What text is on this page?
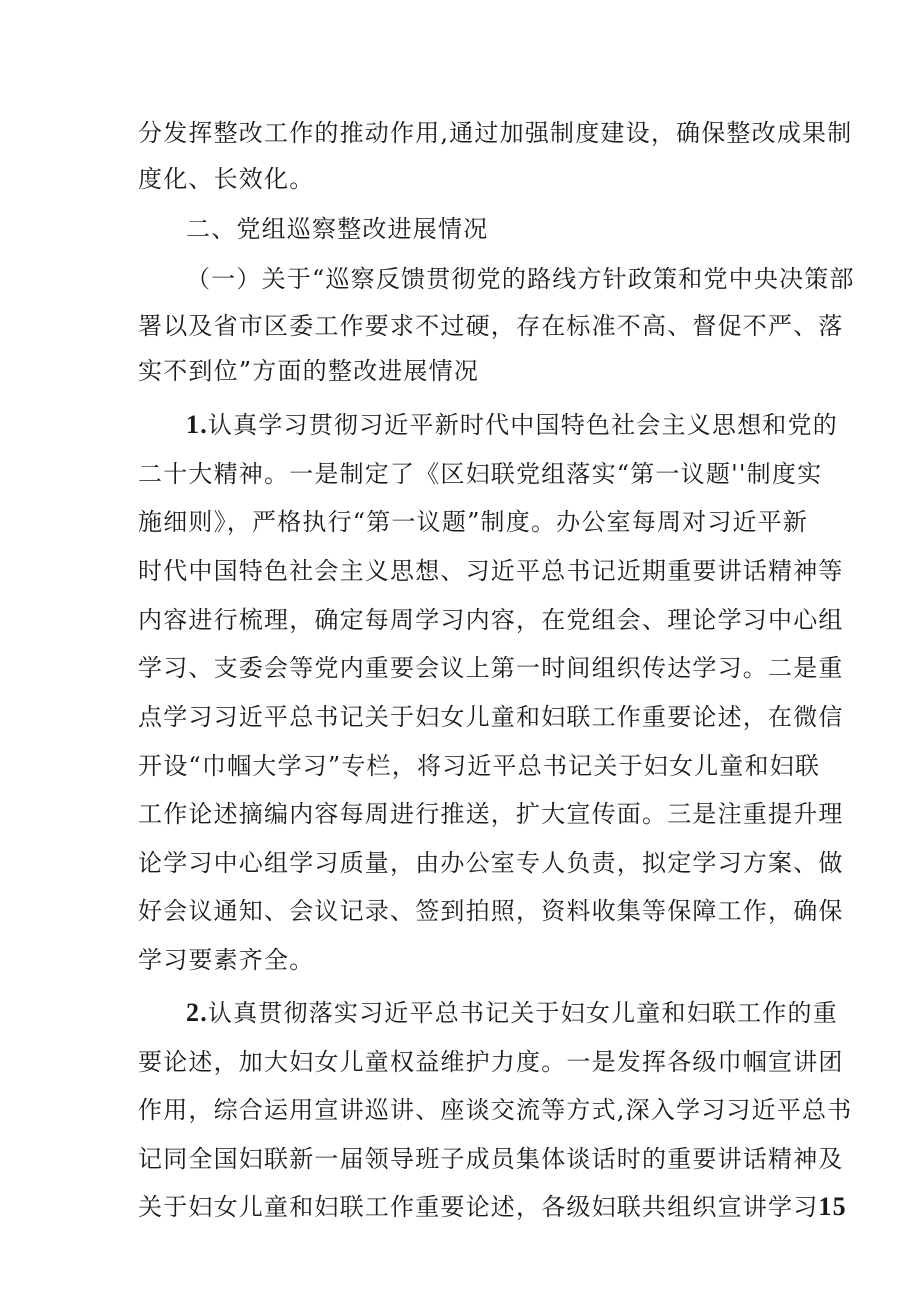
分发挥整改工作的推动作用,通过加强制度建设，确保整改成果制
度化、长效化。
二、党组巡察整改进展情况
（一）关于“巡察反馈贯彻党的路线方针政策和党中央决策部
署以及省市区委工作要求不过硬，存在标准不高、督促不严、落
实不到位”方面的整改进展情况
1.认真学习贯彻习近平新时代中国特色社会主义思想和党的
二十大精神。一是制定了《区妇联党组落实“第一议题''制度实
施细则》，严格执行“第一议题”制度。办公室每周对习近平新
时代中国特色社会主义思想、习近平总书记近期重要讲话精神等
内容进行梳理，确定每周学习内容，在党组会、理论学习中心组
学习、支委会等党内重要会议上第一时间组织传达学习。二是重
点学习习近平总书记关于妇女儿童和妇联工作重要论述，在微信
开设“巾帼大学习”专栏，将习近平总书记关于妇女儿童和妇联
工作论述摘编内容每周进行推送，扩大宣传面。三是注重提升理
论学习中心组学习质量，由办公室专人负责，拟定学习方案、做
好会议通知、会议记录、签到拍照，资料收集等保障工作，确保
学习要素齐全。
2.认真贯彻落实习近平总书记关于妇女儿童和妇联工作的重
要论述，加大妇女儿童权益维护力度。一是发挥各级巾帼宣讲团
作用，综合运用宣讲巡讲、座谈交流等方式,深入学习习近平总书
记同全国妇联新一届领导班子成员集体谈话时的重要讲话精神及
关于妇女儿童和妇联工作重要论述，各级妇联共组织宣讲学习15
